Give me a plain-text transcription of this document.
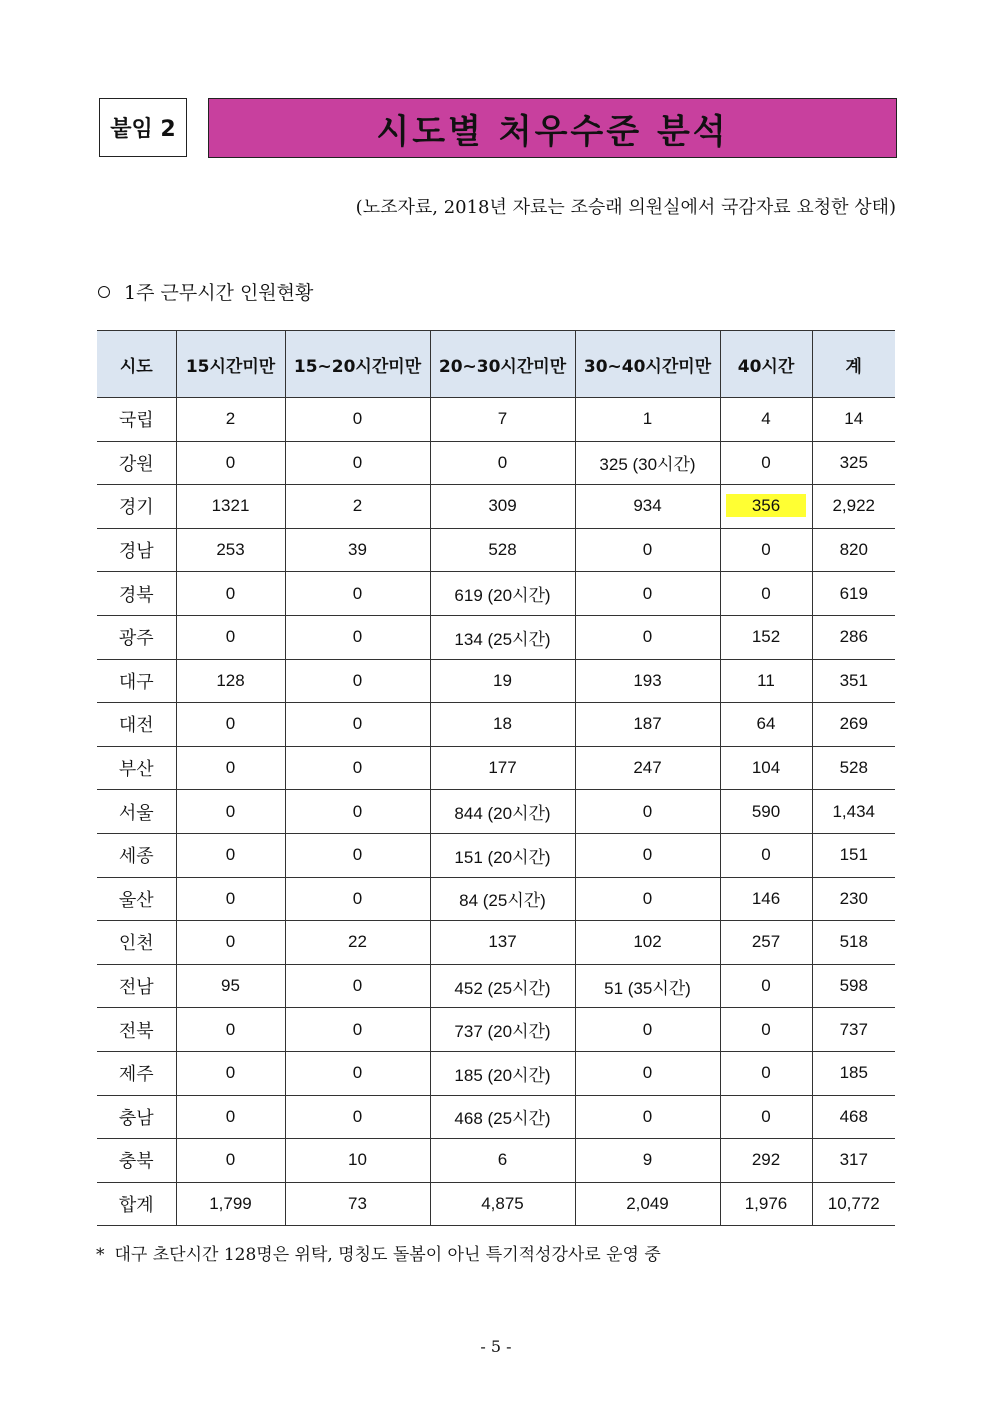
붙임 2	시도별 처우수준 분석
(노조자료, 2018년 자료는 조승래 의원실에서 국감자료 요청한 상태)
1주 근무시간 인원현황
시도	15시간미만	15~20시간미만	20~30시간미만	30~40시간미만	40시간	계
국립	2	0	7	1	4	14
강원	0	0	0	325 (30시간)	0	325
경기	1321	2	309	934	356	2,922
경남	253	39	528	0	0	820
경북	0	0	619 (20시간)	0	0	619
광주	0	0	134 (25시간)	0	152	286
대구	128	0	19	193	11	351
대전	0	0	18	187	64	269
부산	0	0	177	247	104	528
서울	0	0	844 (20시간)	0	590	1,434
세종	0	0	151 (20시간)	0	0	151
울산	0	0	84 (25시간)	0	146	230
인천	0	22	137	102	257	518
전남	95	0	452 (25시간)	51 (35시간)	0	598
전북	0	0	737 (20시간)	0	0	737
제주	0	0	185 (20시간)	0	0	185
충남	0	0	468 (25시간)	0	0	468
충북	0	10	6	9	292	317
합계	1,799	73	4,875	2,049	1,976	10,772
* 대구 초단시간 128명은 위탁, 명칭도 돌봄이 아닌 특기적성강사로 운영 중
- 5 -
